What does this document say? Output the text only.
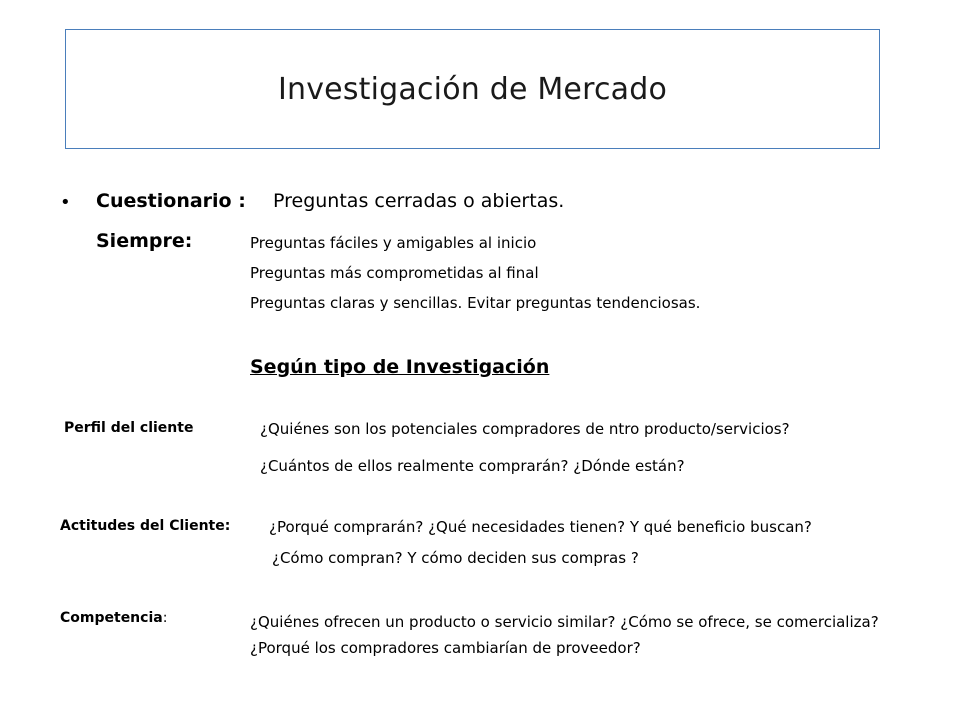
Investigación de Mercado
• Cuestionario : Preguntas cerradas o abiertas.
Siempre:	Preguntas fáciles y amigables al inicio
Preguntas más comprometidas al final
Preguntas claras y sencillas. Evitar preguntas tendenciosas.
Según tipo de Investigación
Perfil del cliente	¿Quiénes son los potenciales compradores de ntro producto/servicios?
¿Cuántos de ellos realmente comprarán? ¿Dónde están?
Actitudes del Cliente:	¿Porqué comprarán? ¿Qué necesidades tienen? Y qué beneficio buscan?
¿Cómo compran? Y cómo deciden sus compras ?
Competencia:	¿Quiénes ofrecen un producto o servicio similar? ¿Cómo se ofrece, se comercializa? ¿Porqué los compradores cambiarían de proveedor?
